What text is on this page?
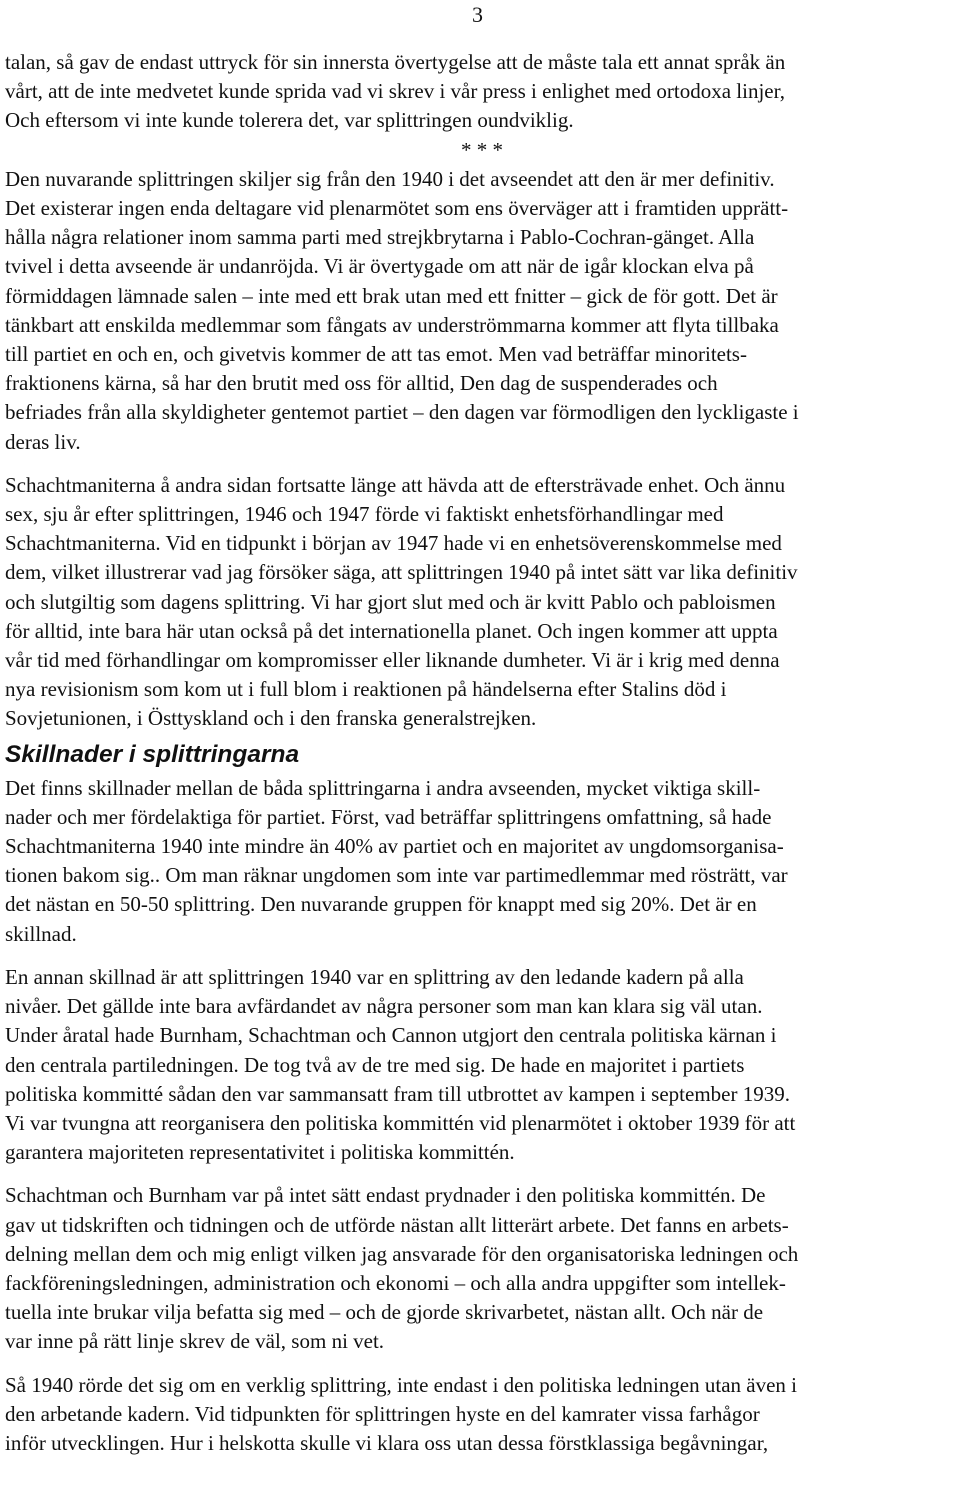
3
talan, så gav de endast uttryck för sin innersta övertygelse att de måste tala ett annat språk än
vårt, att de inte medvetet kunde sprida vad vi skrev i vår press i enlighet med ortodoxa linjer,
Och eftersom vi inte kunde tolerera det, var splittringen oundviklig.
* * *
Den nuvarande splittringen skiljer sig från den 1940 i det avseendet att den är mer definitiv.
Det existerar ingen enda deltagare vid plenarmötet som ens överväger att i framtiden upprätt-
hålla några relationer inom samma parti med strejkbrytarna i Pablo-Cochran-gänget. Alla
tvivel i detta avseende är undanröjda. Vi är övertygade om att när de igår klockan elva på
förmiddagen lämnade salen – inte med ett brak utan med ett fnitter – gick de för gott. Det är
tänkbart att enskilda medlemmar som fångats av underströmmarna kommer att flyta tillbaka
till partiet en och en, och givetvis kommer de att tas emot. Men vad beträffar minoritets-
fraktionens kärna, så har den brutit med oss för alltid, Den dag de suspenderades och
befriades från alla skyldigheter gentemot partiet – den dagen var förmodligen den lyckligaste i
deras liv.
Schachtmaniterna å andra sidan fortsatte länge att hävda att de eftersträvade enhet. Och ännu
sex, sju år efter splittringen, 1946 och 1947 förde vi faktiskt enhetsförhandlingar med
Schachtmaniterna. Vid en tidpunkt i början av 1947 hade vi en enhetsöverenskommelse med
dem, vilket illustrerar vad jag försöker säga, att splittringen 1940 på intet sätt var lika definitiv
och slutgiltig som dagens splittring. Vi har gjort slut med och är kvitt Pablo och pabloismen
för alltid, inte bara här utan också på det internationella planet. Och ingen kommer att uppta
vår tid med förhandlingar om kompromisser eller liknande dumheter. Vi är i krig med denna
nya revisionism som kom ut i full blom i reaktionen på händelserna efter Stalins död i
Sovjetunionen, i Östtyskland och i den franska generalstrejken.
Skillnader i splittringarna
Det finns skillnader mellan de båda splittringarna i andra avseenden, mycket viktiga skill-
nader och mer fördelaktiga för partiet. Först, vad beträffar splittringens omfattning, så hade
Schachtmaniterna 1940 inte mindre än 40% av partiet och en majoritet av ungdomsorganisa-
tionen bakom sig.. Om man räknar ungdomen som inte var partimedlemmar med rösträtt, var
det nästan en 50-50 splittring. Den nuvarande gruppen för knappt med sig 20%. Det är en
skillnad.
En annan skillnad är att splittringen 1940 var en splittring av den ledande kadern på alla
nivåer. Det gällde inte bara avfärdandet av några personer som man kan klara sig väl utan.
Under åratal hade Burnham, Schachtman och Cannon utgjort den centrala politiska kärnan i
den centrala partiledningen. De tog två av de tre med sig. De hade en majoritet i partiets
politiska kommitté sådan den var sammansatt fram till utbrottet av kampen i september 1939.
Vi var tvungna att reorganisera den politiska kommittén vid plenarmötet i oktober 1939 för att
garantera majoriteten representativitet i politiska kommittén.
Schachtman och Burnham var på intet sätt endast prydnader i den politiska kommittén. De
gav ut tidskriften och tidningen och de utförde nästan allt litterärt arbete. Det fanns en arbets-
delning mellan dem och mig enligt vilken jag ansvarade för den organisatoriska ledningen och
fackföreningsledningen, administration och ekonomi – och alla andra uppgifter som intellek-
tuella inte brukar vilja befatta sig med – och de gjorde skrivarbetet, nästan allt. Och när de
var inne på rätt linje skrev de väl, som ni vet.
Så 1940 rörde det sig om en verklig splittring, inte endast i den politiska ledningen utan även i
den arbetande kadern. Vid tidpunkten för splittringen hyste en del kamrater vissa farhågor
inför utvecklingen. Hur i helskotta skulle vi klara oss utan dessa förstklassiga begåvningar,
